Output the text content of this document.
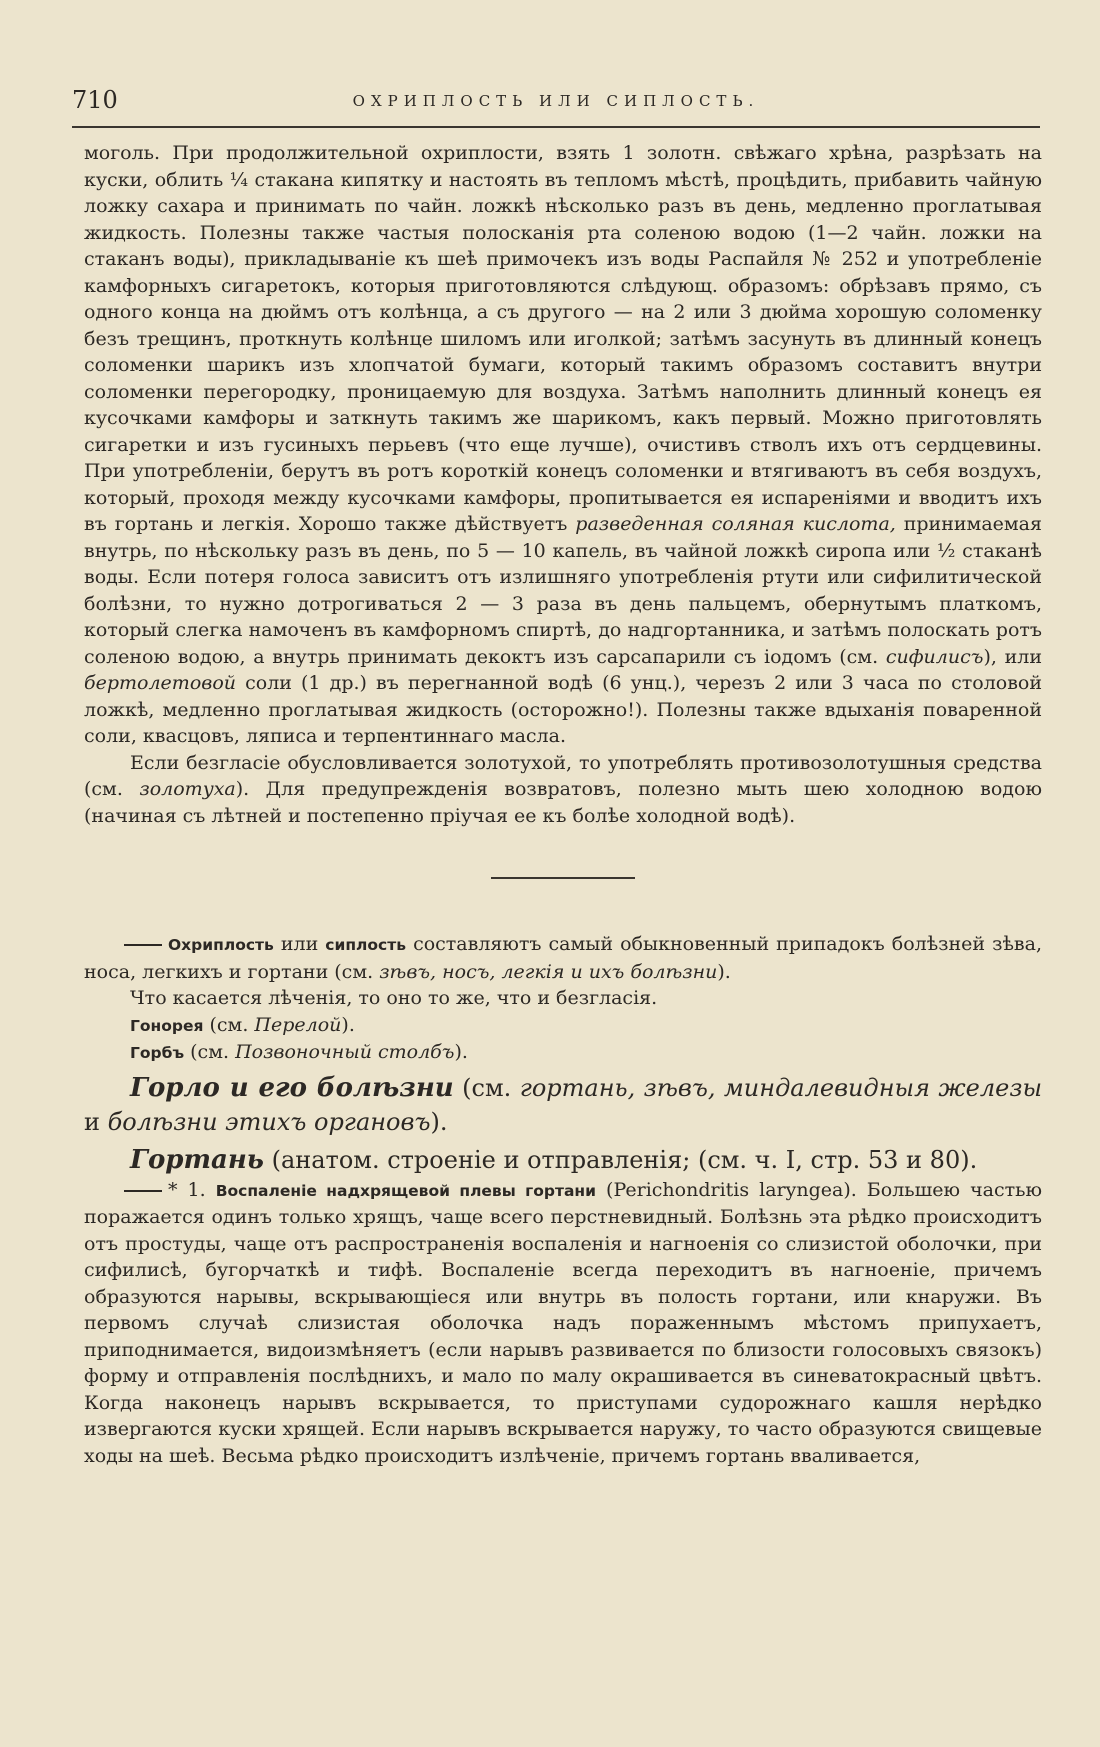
710	ОХРИПЛОСТЬ ИЛИ СИПЛОСТЬ.

моголь. При продолжительной охриплости, взять 1 золотн. свѣжаго хрѣна, разрѣзать на куски, облить ¼ стакана кипятку и настоять въ тепломъ мѣстѣ, процѣдить, прибавить чайную ложку сахара и принимать по чайн. ложкѣ нѣсколько разъ въ день, медленно проглатывая жидкость. Полезны также частыя полосканія рта соленою водою (1—2 чайн. ложки на стаканъ воды), прикладываніе къ шеѣ примочекъ изъ воды Распайля № 252 и употребленіе камфорныхъ сигаретокъ, которыя приготовляются слѣдующ. образомъ: обрѣзавъ прямо, съ одного конца на дюймъ отъ колѣнца, а съ другого — на 2 или 3 дюйма хорошую соломенку безъ трещинъ, проткнуть колѣнце шиломъ или иголкой; затѣмъ засунуть въ длинный конецъ соломенки шарикъ изъ хлопчатой бумаги, который такимъ образомъ составитъ внутри соломенки перегородку, проницаемую для воздуха. Затѣмъ наполнить длинный конецъ ея кусочками камфоры и заткнуть такимъ же шарикомъ, какъ первый. Можно приготовлять сигаретки и изъ гусиныхъ перьевъ (что еще лучше), очистивъ стволъ ихъ отъ сердцевины. При употребленіи, берутъ въ ротъ короткій конецъ соломенки и втягиваютъ въ себя воздухъ, который, проходя между кусочками камфоры, пропитывается ея испареніями и вводитъ ихъ въ гортань и легкія. Хорошо также дѣйствуетъ разведенная соляная кислота, принимаемая внутрь, по нѣскольку разъ въ день, по 5 — 10 капель, въ чайной ложкѣ сиропа или ½ стаканѣ воды. Если потеря голоса зависитъ отъ излишняго употребленія ртути или сифилитической болѣзни, то нужно дотрогиваться 2 — 3 раза въ день пальцемъ, обернутымъ платкомъ, который слегка намоченъ въ камфорномъ спиртѣ, до надгортанника, и затѣмъ полоскать ротъ соленою водою, а внутрь принимать декоктъ изъ сарсапарили съ іодомъ (см. сифилисъ), или бертолетовой соли (1 др.) въ перегнанной водѣ (6 унц.), черезъ 2 или 3 часа по столовой ложкѣ, медленно проглатывая жидкость (осторожно!). Полезны также вдыханія поваренной соли, квасцовъ, ляписа и терпентиннаго масла.

Если безгласіе обусловливается золотухой, то употреблять противозолотушныя средства (см. золотуха). Для предупрежденія возвратовъ, полезно мыть шею холодною водою (начиная съ лѣтней и постепенно пріучая ее къ болѣе холодной водѣ).

Охриплость или сиплость составляютъ самый обыкновенный припадокъ болѣзней зѣва, носа, легкихъ и гортани (см. зѣвъ, носъ, легкія и ихъ болѣзни).

Что касается лѣченія, то оно то же, что и безгласія.

Гонорея (см. Перелой).

Горбъ (см. Позвоночный столбъ).

Горло и его болѣзни (см. гортань, зѣвъ, миндалевидныя железы и болѣзни этихъ органовъ).

Гортань (анатом. строеніе и отправленія; (см. ч. I, стр. 53 и 80).

* 1. Воспаленіе надхрящевой плевы гортани (Perichondritis laryngea). Большею частью поражается одинъ только хрящъ, чаще всего перстневидный. Болѣзнь эта рѣдко происходитъ отъ простуды, чаще отъ распространенія воспаленія и нагноенія со слизистой оболочки, при сифилисѣ, бугорчаткѣ и тифѣ. Воспаленіе всегда переходитъ въ нагноеніе, причемъ образуются нарывы, вскрывающіеся или внутрь въ полость гортани, или кнаружи. Въ первомъ случаѣ слизистая оболочка надъ пораженнымъ мѣстомъ припухаетъ, приподнимается, видоизмѣняетъ (если нарывъ развивается по близости голосовыхъ связокъ) форму и отправленія послѣднихъ, и мало по малу окрашивается въ синеватокрасный цвѣтъ. Когда наконецъ нарывъ вскрывается, то приступами судорожнаго кашля нерѣдко извергаются куски хрящей. Если нарывъ вскрывается наружу, то часто образуются свищевые ходы на шеѣ. Весьма рѣдко происходитъ излѣченіе, причемъ гортань вваливается,
